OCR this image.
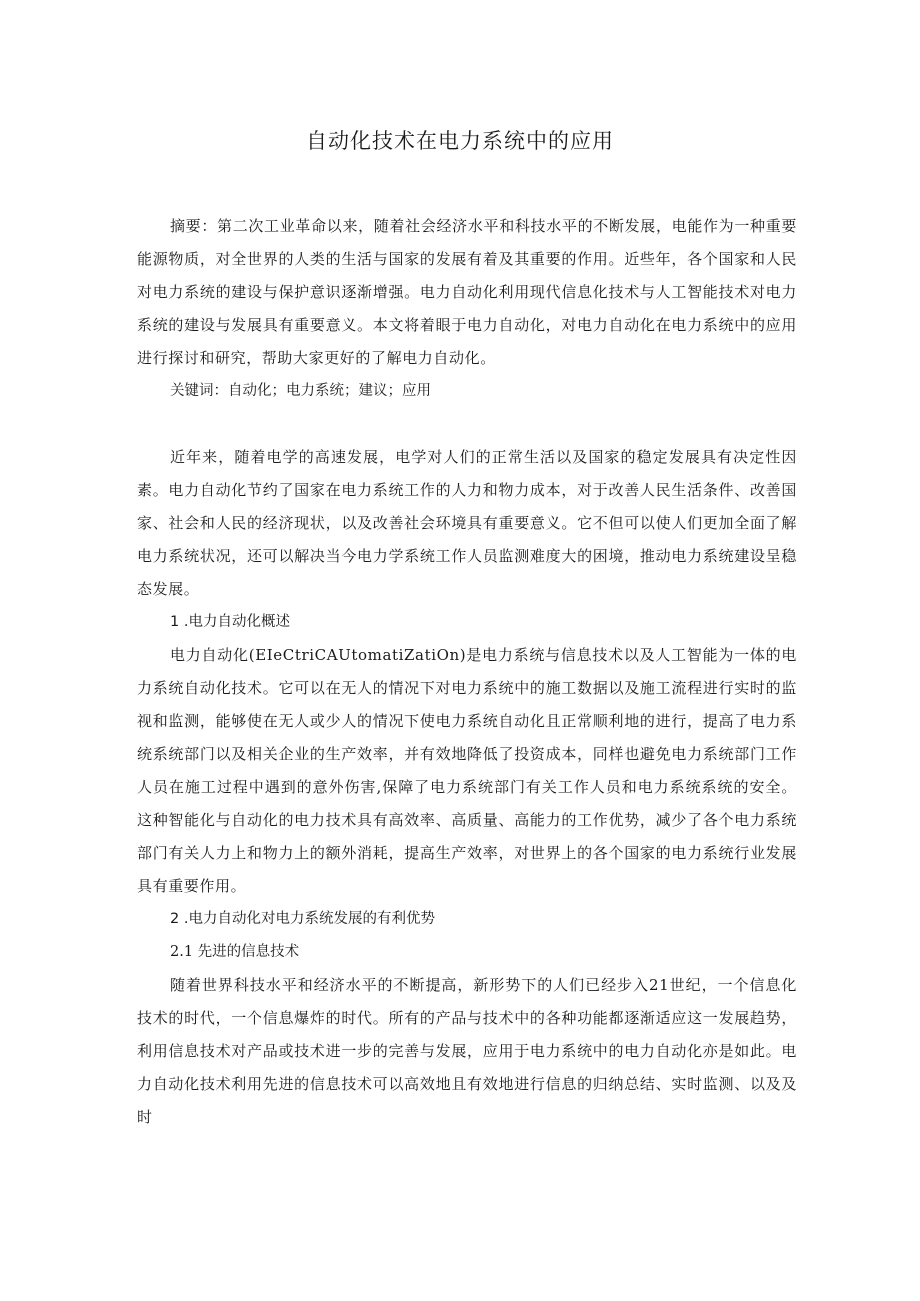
自动化技术在电力系统中的应用

摘要：第二次工业革命以来，随着社会经济水平和科技水平的不断发展，电能作为一种重要能源物质，对全世界的人类的生活与国家的发展有着及其重要的作用。近些年，各个国家和人民对电力系统的建设与保护意识逐渐增强。电力自动化利用现代信息化技术与人工智能技术对电力系统的建设与发展具有重要意义。本文将着眼于电力自动化，对电力自动化在电力系统中的应用进行探讨和研究，帮助大家更好的了解电力自动化。

关键词：自动化；电力系统；建议；应用

近年来，随着电学的高速发展，电学对人们的正常生活以及国家的稳定发展具有决定性因素。电力自动化节约了国家在电力系统工作的人力和物力成本，对于改善人民生活条件、改善国家、社会和人民的经济现状，以及改善社会环境具有重要意义。它不但可以使人们更加全面了解电力系统状况，还可以解决当今电力学系统工作人员监测难度大的困境，推动电力系统建设呈稳态发展。

1 .电力自动化概述

电力自动化(EIeCtriCAUtomatiZatiOn)是电力系统与信息技术以及人工智能为一体的电力系统自动化技术。它可以在无人的情况下对电力系统中的施工数据以及施工流程进行实时的监视和监测，能够使在无人或少人的情况下使电力系统自动化且正常顺利地的进行，提高了电力系统系统部门以及相关企业的生产效率，并有效地降低了投资成本，同样也避免电力系统部门工作人员在施工过程中遇到的意外伤害,保障了电力系统部门有关工作人员和电力系统系统的安全。这种智能化与自动化的电力技术具有高效率、高质量、高能力的工作优势，减少了各个电力系统部门有关人力上和物力上的额外消耗，提高生产效率，对世界上的各个国家的电力系统行业发展具有重要作用。

2 .电力自动化对电力系统发展的有利优势

2.1 先进的信息技术

随着世界科技水平和经济水平的不断提高，新形势下的人们已经步入21世纪，一个信息化技术的时代，一个信息爆炸的时代。所有的产品与技术中的各种功能都逐渐适应这一发展趋势，利用信息技术对产品或技术进一步的完善与发展，应用于电力系统中的电力自动化亦是如此。电力自动化技术利用先进的信息技术可以高效地且有效地进行信息的归纳总结、实时监测、以及及时
